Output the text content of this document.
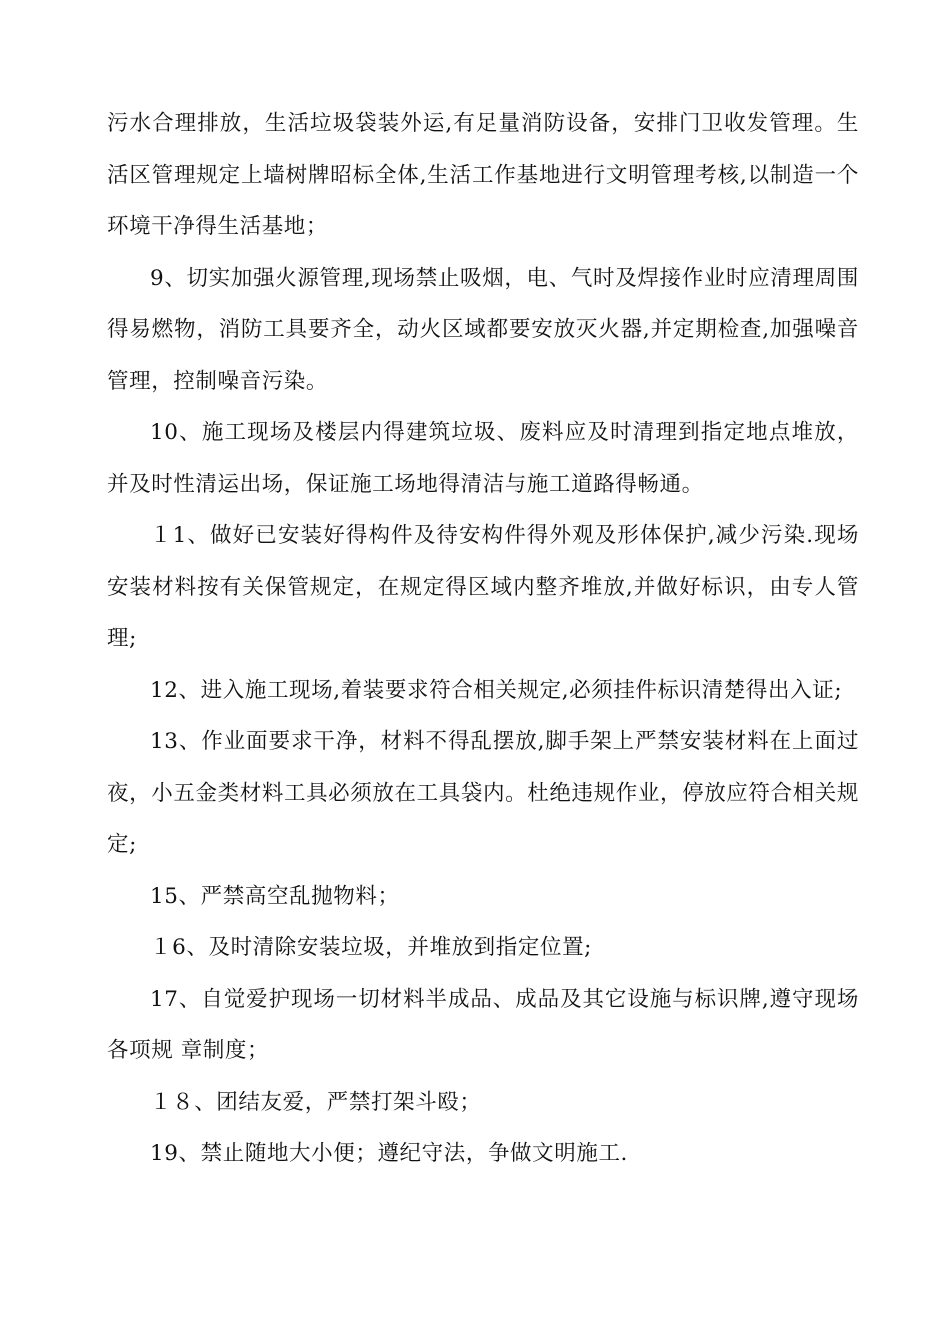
污水合理排放，生活垃圾袋装外运,有足量消防设备，安排门卫收发管理。生活区管理规定上墙树牌昭标全体,生活工作基地进行文明管理考核,以制造一个环境干净得生活基地；

9、切实加强火源管理,现场禁止吸烟，电、气时及焊接作业时应清理周围得易燃物，消防工具要齐全，动火区域都要安放灭火器,并定期检查,加强噪音管理，控制噪音污染。

10、施工现场及楼层内得建筑垃圾、废料应及时清理到指定地点堆放，并及时性清运出场，保证施工场地得清洁与施工道路得畅通。

１1、做好已安装好得构件及待安构件得外观及形体保护,减少污染.现场安装材料按有关保管规定，在规定得区域内整齐堆放,并做好标识，由专人管理;

12、进入施工现场,着装要求符合相关规定,必须挂件标识清楚得出入证;

13、作业面要求干净，材料不得乱摆放,脚手架上严禁安装材料在上面过夜，小五金类材料工具必须放在工具袋内。杜绝违规作业，停放应符合相关规定;

15、严禁高空乱抛物料；

１6、及时清除安装垃圾，并堆放到指定位置;

17、自觉爱护现场一切材料半成品、成品及其它设施与标识牌,遵守现场各项规 章制度；

１８、团结友爱，严禁打架斗殴；

19、禁止随地大小便；遵纪守法，争做文明施工.
